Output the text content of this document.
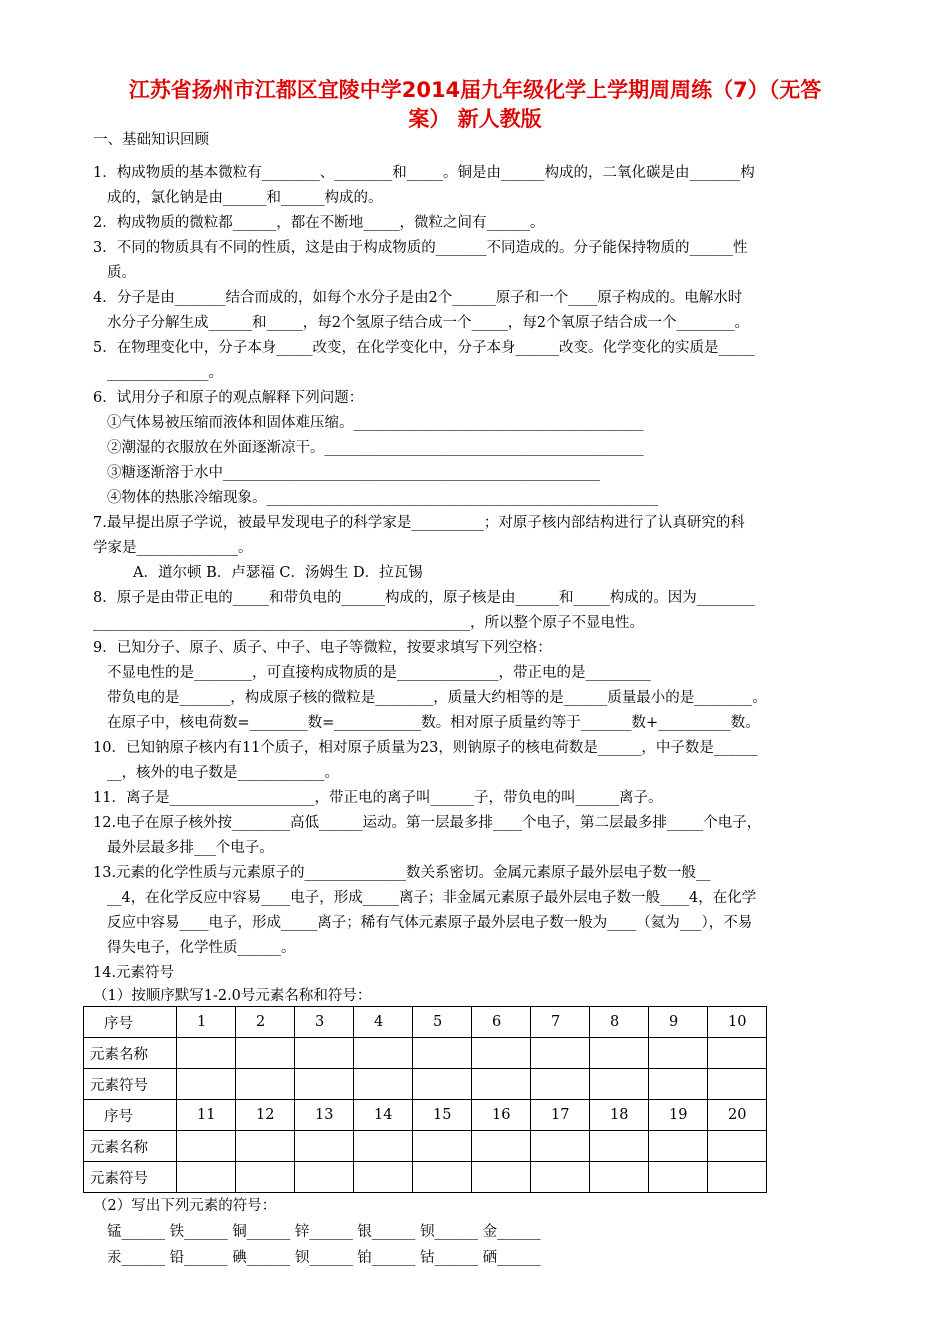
江苏省扬州市江都区宜陵中学2014届九年级化学上学期周周练（7）（无答
案） 新人教版
一、基础知识回顾
1．构成物质的基本微粒有________、________和_____。铜是由______构成的，二氧化碳是由_______构
成的，氯化钠是由______和______构成的。
2．构成物质的微粒都______，都在不断地_____，微粒之间有______。
3．不同的物质具有不同的性质，这是由于构成物质的_______不同造成的。分子能保持物质的______性
质。
4．分子是由_______结合而成的，如每个水分子是由2个______原子和一个____原子构成的。电解水时
水分子分解生成______和_____，每2个氢原子结合成一个_____，每2个氧原子结合成一个________。
5．在物理变化中，分子本身_____改变，在化学变化中，分子本身______改变。化学变化的实质是_____
______________。
6．试用分子和原子的观点解释下列问题：
①气体易被压缩而液体和固体难压缩。________________________________________
②潮湿的衣服放在外面逐渐凉干。____________________________________________
③糖逐渐溶于水中____________________________________________________
④物体的热胀冷缩现象。______________________________________________________
7.最早提出原子学说，被最早发现电子的科学家是__________；对原子核内部结构进行了认真研究的科
学家是______________。
A．道尔顿 B．卢瑟福 C．汤姆生 D．拉瓦锡
8．原子是由带正电的_____和带负电的______构成的，原子核是由______和_____构成的。因为________
____________________________________________________，所以整个原子不显电性。
9．已知分子、原子、质子、中子、电子等微粒，按要求填写下列空格：
不显电性的是________，可直接构成物质的是______________，带正电的是_________
带负电的是_______，构成原子核的微粒是________，质量大约相等的是______质量最小的是________。
在原子中，核电荷数=________数=____________数。相对原子质量约等于_______数+__________数。
10．已知钠原子核内有11个质子，相对原子质量为23，则钠原子的核电荷数是______，中子数是______
__，核外的电子数是____________。
11．离子是____________________，带正电的离子叫______子，带负电的叫______离子。
12.电子在原子核外按________高低______运动。第一层最多排____个电子，第二层最多排_____个电子，
最外层最多排___个电子。
13.元素的化学性质与元素原子的______________数关系密切。金属元素原子最外层电子数一般__
__4，在化学反应中容易____电子，形成_____离子；非金属元素原子最外层电子数一般____4，在化学
反应中容易____电子，形成_____离子；稀有气体元素原子最外层电子数一般为____（氦为___），不易
得失电子，化学性质______。
14.元素符号
（1）按顺序默写1-2.0号元素名称和符号：
序号	1	2	3	4	5	6	7	8	9	10
元素名称										
元素符号										
序号	11	12	13	14	15	16	17	18	19	20
元素名称										
元素符号										
（2）写出下列元素的符号：
锰______ 铁______ 铜______ 锌______ 银______ 钡______ 金______
汞______ 铅______ 碘______ 钡______ 铂______ 钴______ 硒______
